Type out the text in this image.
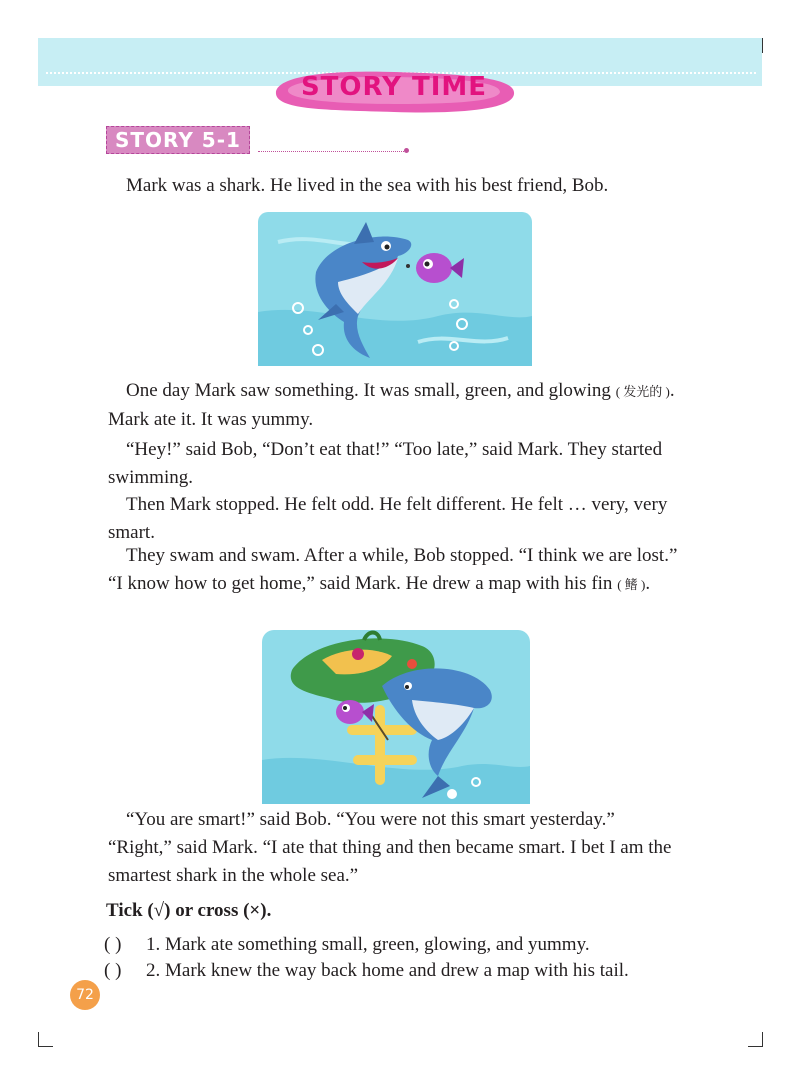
STORY TIME
STORY 5-1

Mark was a shark. He lived in the sea with his best friend, Bob.

One day Mark saw something. It was small, green, and glowing ( 发光的 ). Mark ate it. It was yummy.

“Hey!” said Bob, “Don’t eat that!” “Too late,” said Mark. They started swimming.

Then Mark stopped. He felt odd. He felt different. He felt … very, very smart.

They swam and swam. After a while, Bob stopped. “I think we are lost.” “I know how to get home,” said Mark. He drew a map with his fin ( 鳍 ).

“You are smart!” said Bob. “You were not this smart yesterday.” “Right,” said Mark. “I ate that thing and then became smart. I bet I am the smartest shark in the whole sea.”

Tick (√) or cross (×).
( ) 1. Mark ate something small, green, glowing, and yummy.
( ) 2. Mark knew the way back home and drew a map with his tail.
72
